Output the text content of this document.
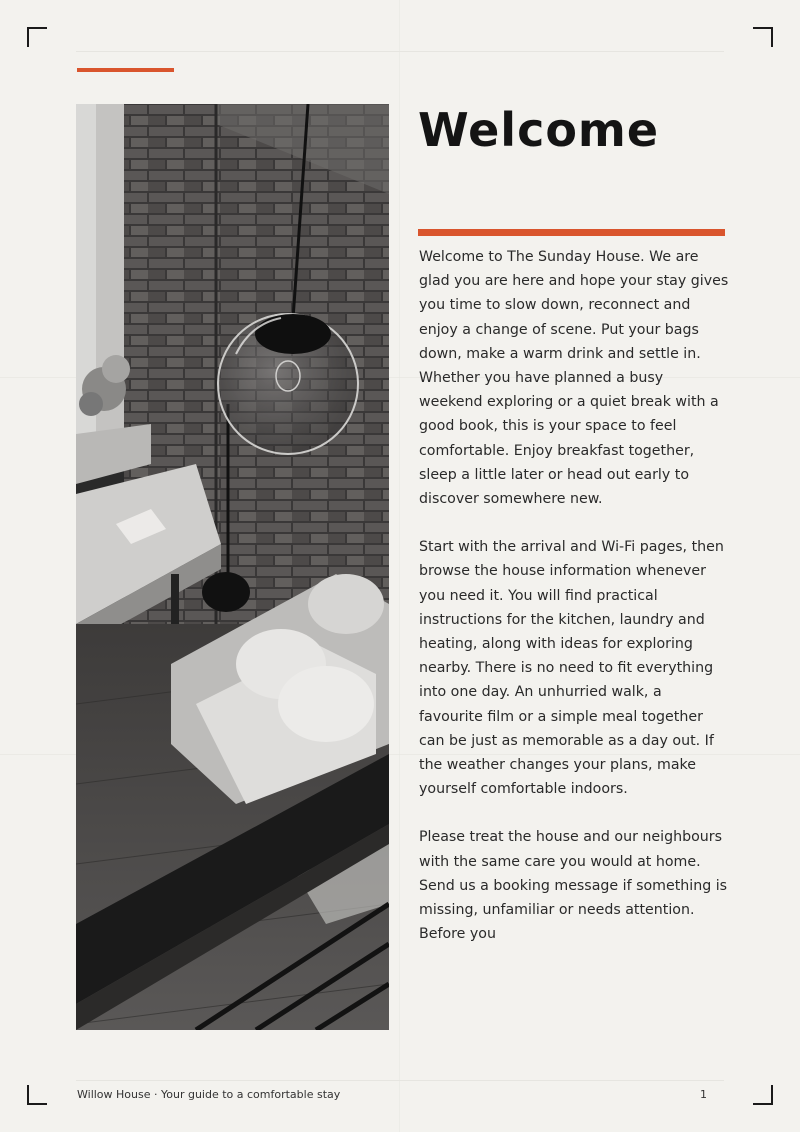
Welcome

Welcome to The Sunday House. We are glad you are here and hope your stay gives you time to slow down, reconnect and enjoy a change of scene. Put your bags down, make a warm drink and settle in. Whether you have planned a busy weekend exploring or a quiet break with a good book, this is your space to feel comfortable. Enjoy breakfast together, sleep a little later or head out early to discover somewhere new.

Start with the arrival and Wi-Fi pages, then browse the house information whenever you need it. You will find practical instructions for the kitchen, laundry and heating, along with ideas for exploring nearby. There is no need to fit everything into one day. An unhurried walk, a favourite film or a simple meal together can be just as memorable as a day out. If the weather changes your plans, make yourself comfortable indoors.

Please treat the house and our neighbours with the same care you would at home. Send us a booking message if something is missing, unfamiliar or needs attention. Before you

Willow House · Your guide to a comfortable stay	1
